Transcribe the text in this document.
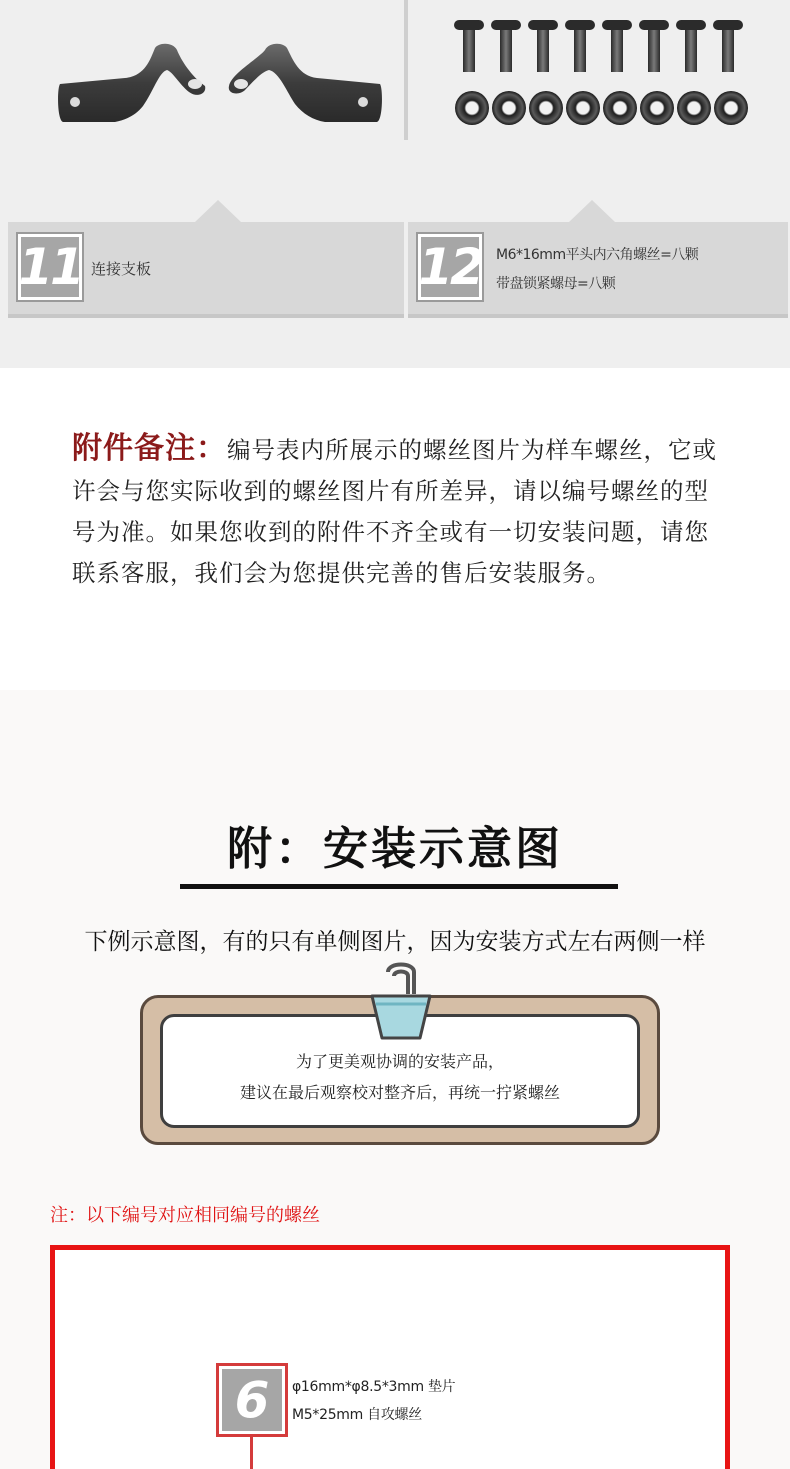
11 连接支板	12 M6*16mm平头内六角螺丝=八颗
带盘锁紧螺母=八颗

附件备注：编号表内所展示的螺丝图片为样车螺丝，它或许会与您实际收到的螺丝图片有所差异，请以编号螺丝的型号为准。如果您收到的附件不齐全或有一切安装问题，请您联系客服，我们会为您提供完善的售后安装服务。

附：安装示意图
下例示意图，有的只有单侧图片，因为安装方式左右两侧一样
为了更美观协调的安装产品，
建议在最后观察校对整齐后，再统一拧紧螺丝
注：以下编号对应相同编号的螺丝
6 φ16mm*φ8.5*3mm 垫片
M5*25mm 自攻螺丝
